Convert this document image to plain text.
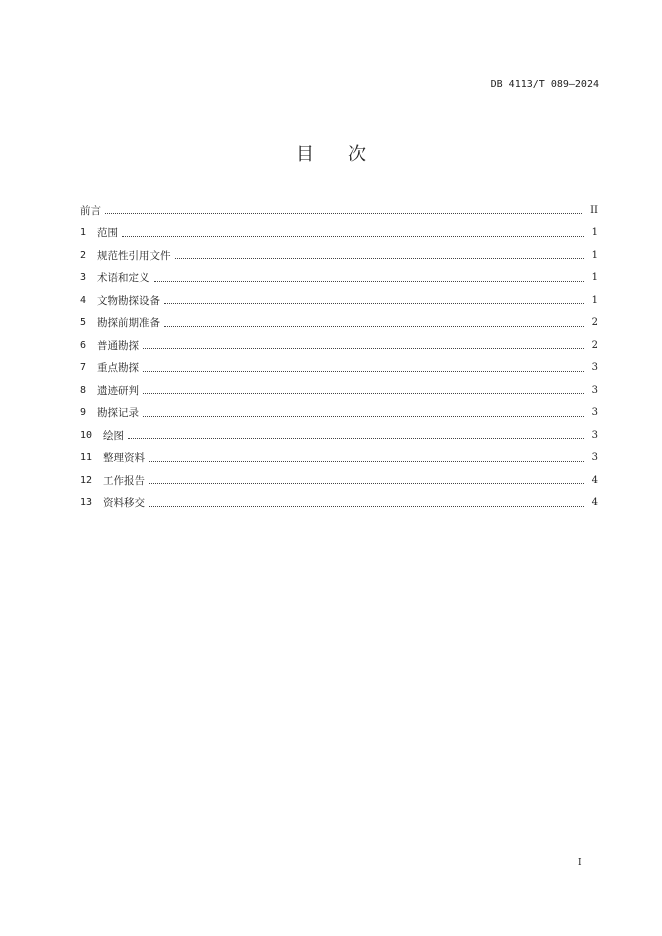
DB 4113/T 089—2024
目 次
前言	II
1	范围	1
2	规范性引用文件	1
3	术语和定义	1
4	文物勘探设备	1
5	勘探前期准备	2
6	普通勘探	2
7	重点勘探	3
8	遗迹研判	3
9	勘探记录	3
10	绘图	3
11	整理资料	3
12	工作报告	4
13	资料移交	4
I
